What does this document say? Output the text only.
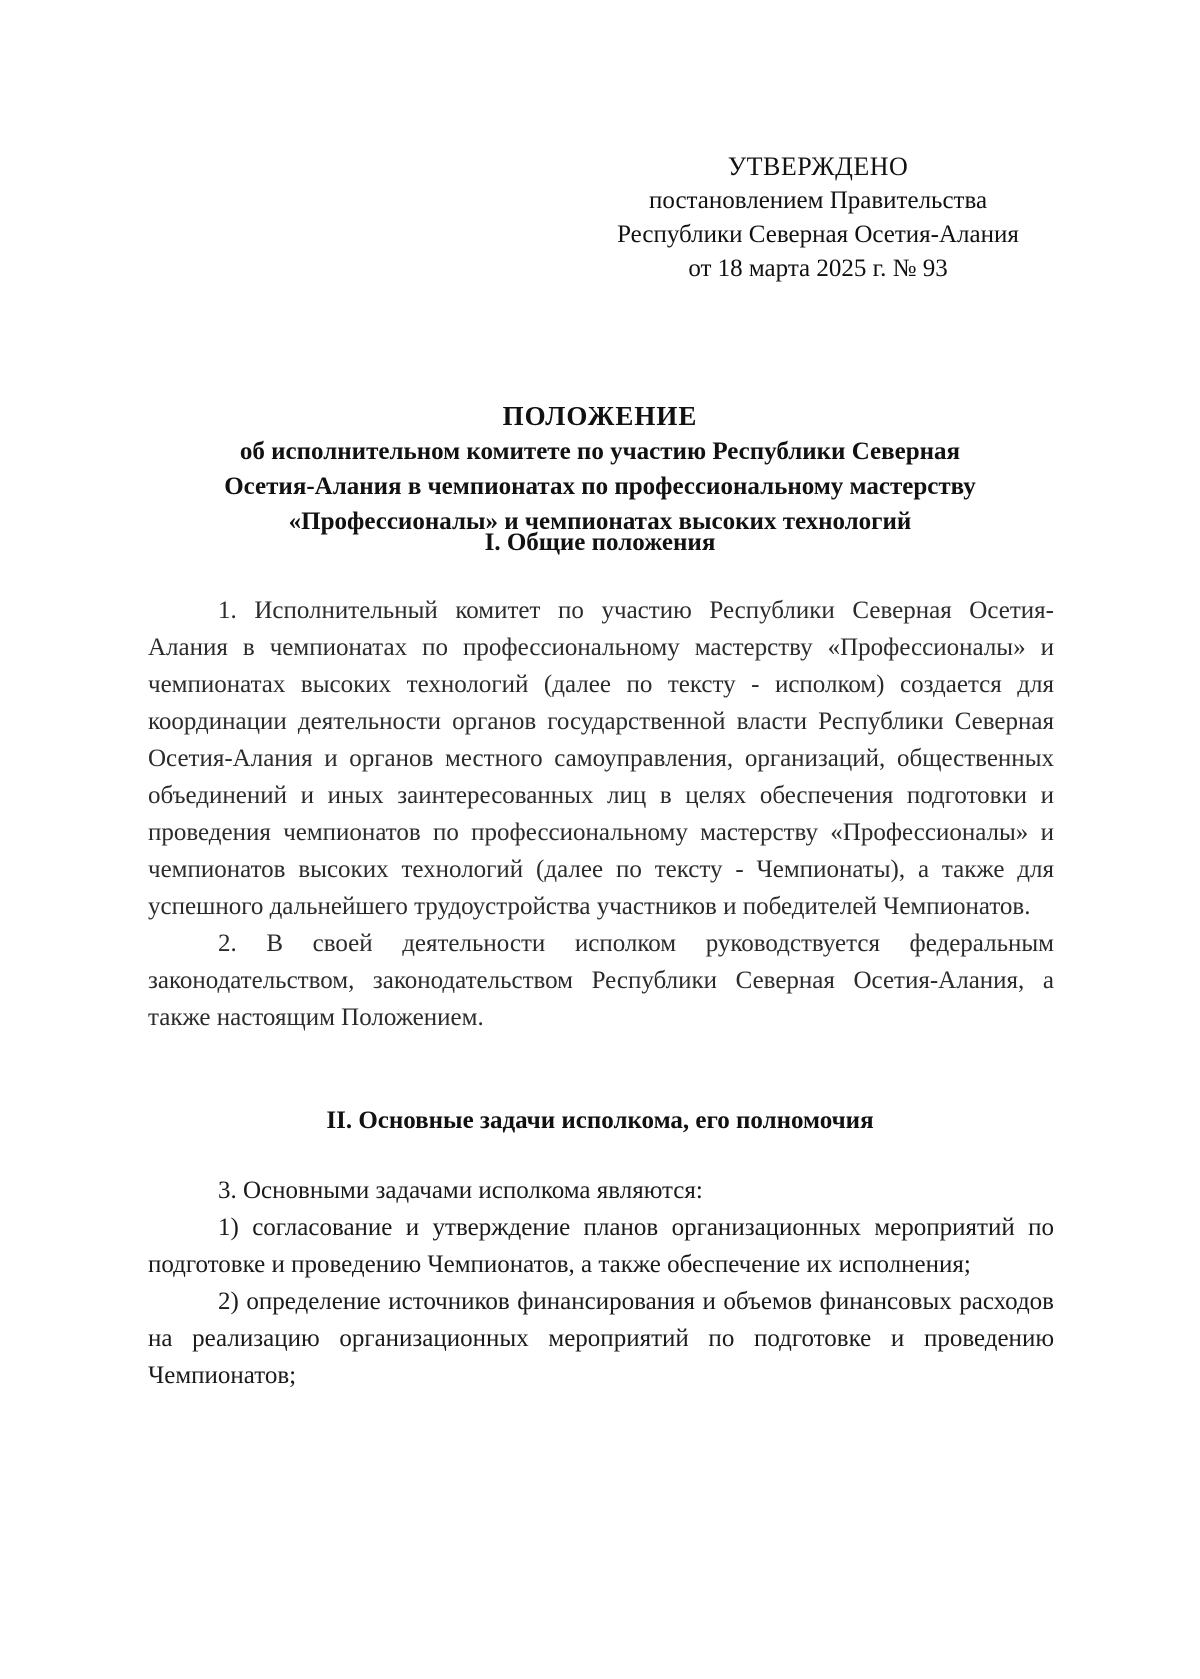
УТВЕРЖДЕНО
постановлением Правительства
Республики Северная Осетия-Алания
от 18 марта 2025 г. № 93
ПОЛОЖЕНИЕ
об исполнительном комитете по участию Республики Северная
Осетия-Алания в чемпионатах по профессиональному мастерству
«Профессионалы» и чемпионатах высоких технологий
I. Общие положения

1. Исполнительный комитет по участию Республики Северная Осетия-Алания в чемпионатах по профессиональному мастерству «Профессионалы» и чемпионатах высоких технологий (далее по тексту - исполком) создается для координации деятельности органов государственной власти Республики Северная Осетия-Алания и органов местного самоуправления, организаций, общественных объединений и иных заинтересованных лиц в целях обеспечения подготовки и проведения чемпионатов по профессиональному мастерству «Профессионалы» и чемпионатов высоких технологий (далее по тексту - Чемпионаты), а также для успешного дальнейшего трудоустройства участников и победителей Чемпионатов.

2. В своей деятельности исполком руководствуется федеральным законодательством, законодательством Республики Северная Осетия-Алания, а также настоящим Положением.

II. Основные задачи исполкома, его полномочия

3. Основными задачами исполкома являются:

1) согласование и утверждение планов организационных мероприятий по подготовке и проведению Чемпионатов, а также обеспечение их исполнения;

2) определение источников финансирования и объемов финансовых расходов на реализацию организационных мероприятий по подготовке и проведению Чемпионатов;
